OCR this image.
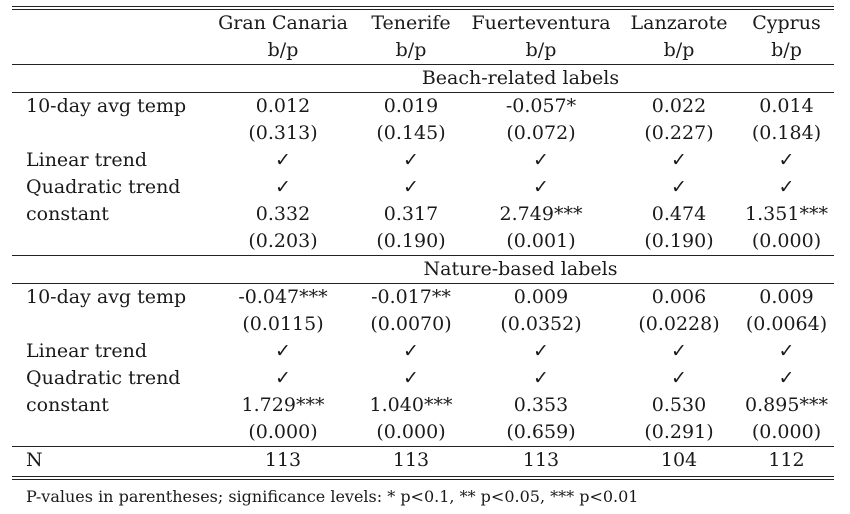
	Gran Canaria	Tenerife	Fuerteventura	Lanzarote	Cyprus
	b/p	b/p	b/p	b/p	b/p
	Beach-related labels				
10-day avg temp	0.012	0.019	-0.057*	0.022	0.014
	(0.313)	(0.145)	(0.072)	(0.227)	(0.184)
Linear trend	✓	✓	✓	✓	✓
Quadratic trend	✓	✓	✓	✓	✓
constant	0.332	0.317	2.749***	0.474	1.351***
	(0.203)	(0.190)	(0.001)	(0.190)	(0.000)
	Nature-based labels				
10-day avg temp	-0.047***	-0.017**	0.009	0.006	0.009
	(0.0115)	(0.0070)	(0.0352)	(0.0228)	(0.0064)
Linear trend	✓	✓	✓	✓	✓
Quadratic trend	✓	✓	✓	✓	✓
constant	1.729***	1.040***	0.353	0.530	0.895***
	(0.000)	(0.000)	(0.659)	(0.291)	(0.000)
N	113	113	113	104	112
P-values in parentheses; significance levels: * p<0.1, ** p<0.05, *** p<0.01
